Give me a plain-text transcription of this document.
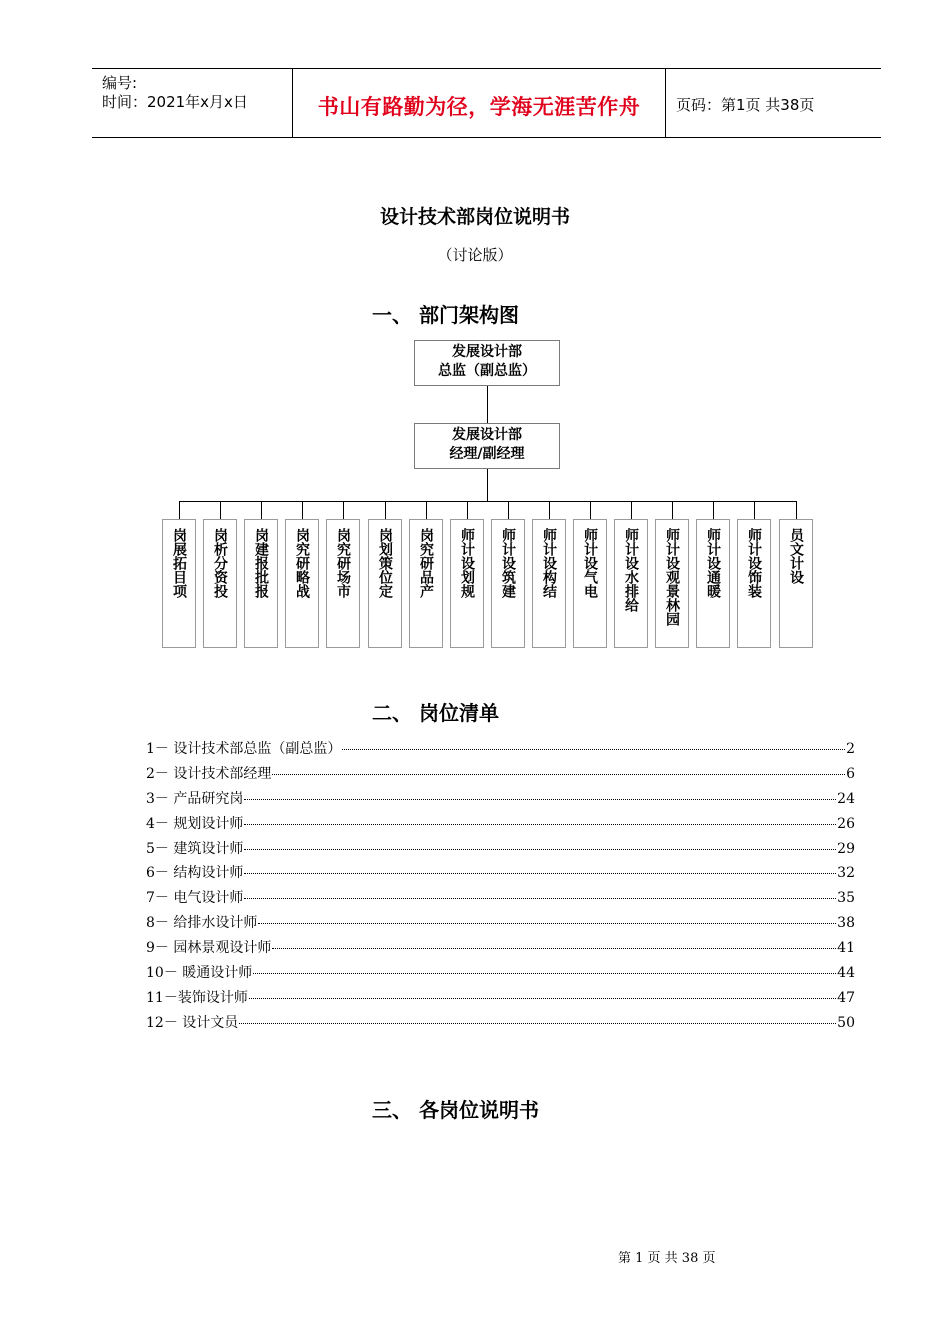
编号:
时间：2021年x月x日	书山有路勤为径，学海无涯苦作舟	页码：第1页 共38页
设计技术部岗位说明书
（讨论版）
一、 部门架构图
发展设计部
总监（副总监）
发展设计部
经理/副经理
岗展拓目项 岗析分资投 岗建报批报 岗究研略战 岗究研场市 岗划策位定 岗究研品产 师计设划规 师计设筑建 师计设构结 师计设气电 师计设水排给 师计设观景林园 师计设通暖 师计设饰装 员文计设
二、 岗位清单
1－ 设计技术部总监（副总监）	2
2－ 设计技术部经理	6
3－ 产品研究岗	24
4－ 规划设计师	26
5－ 建筑设计师	29
6－ 结构设计师	32
7－ 电气设计师	35
8－ 给排水设计师	38
9－ 园林景观设计师	41
10－ 暖通设计师	44
11－装饰设计师	47
12－ 设计文员	50
三、 各岗位说明书
第 1 页 共 38 页
